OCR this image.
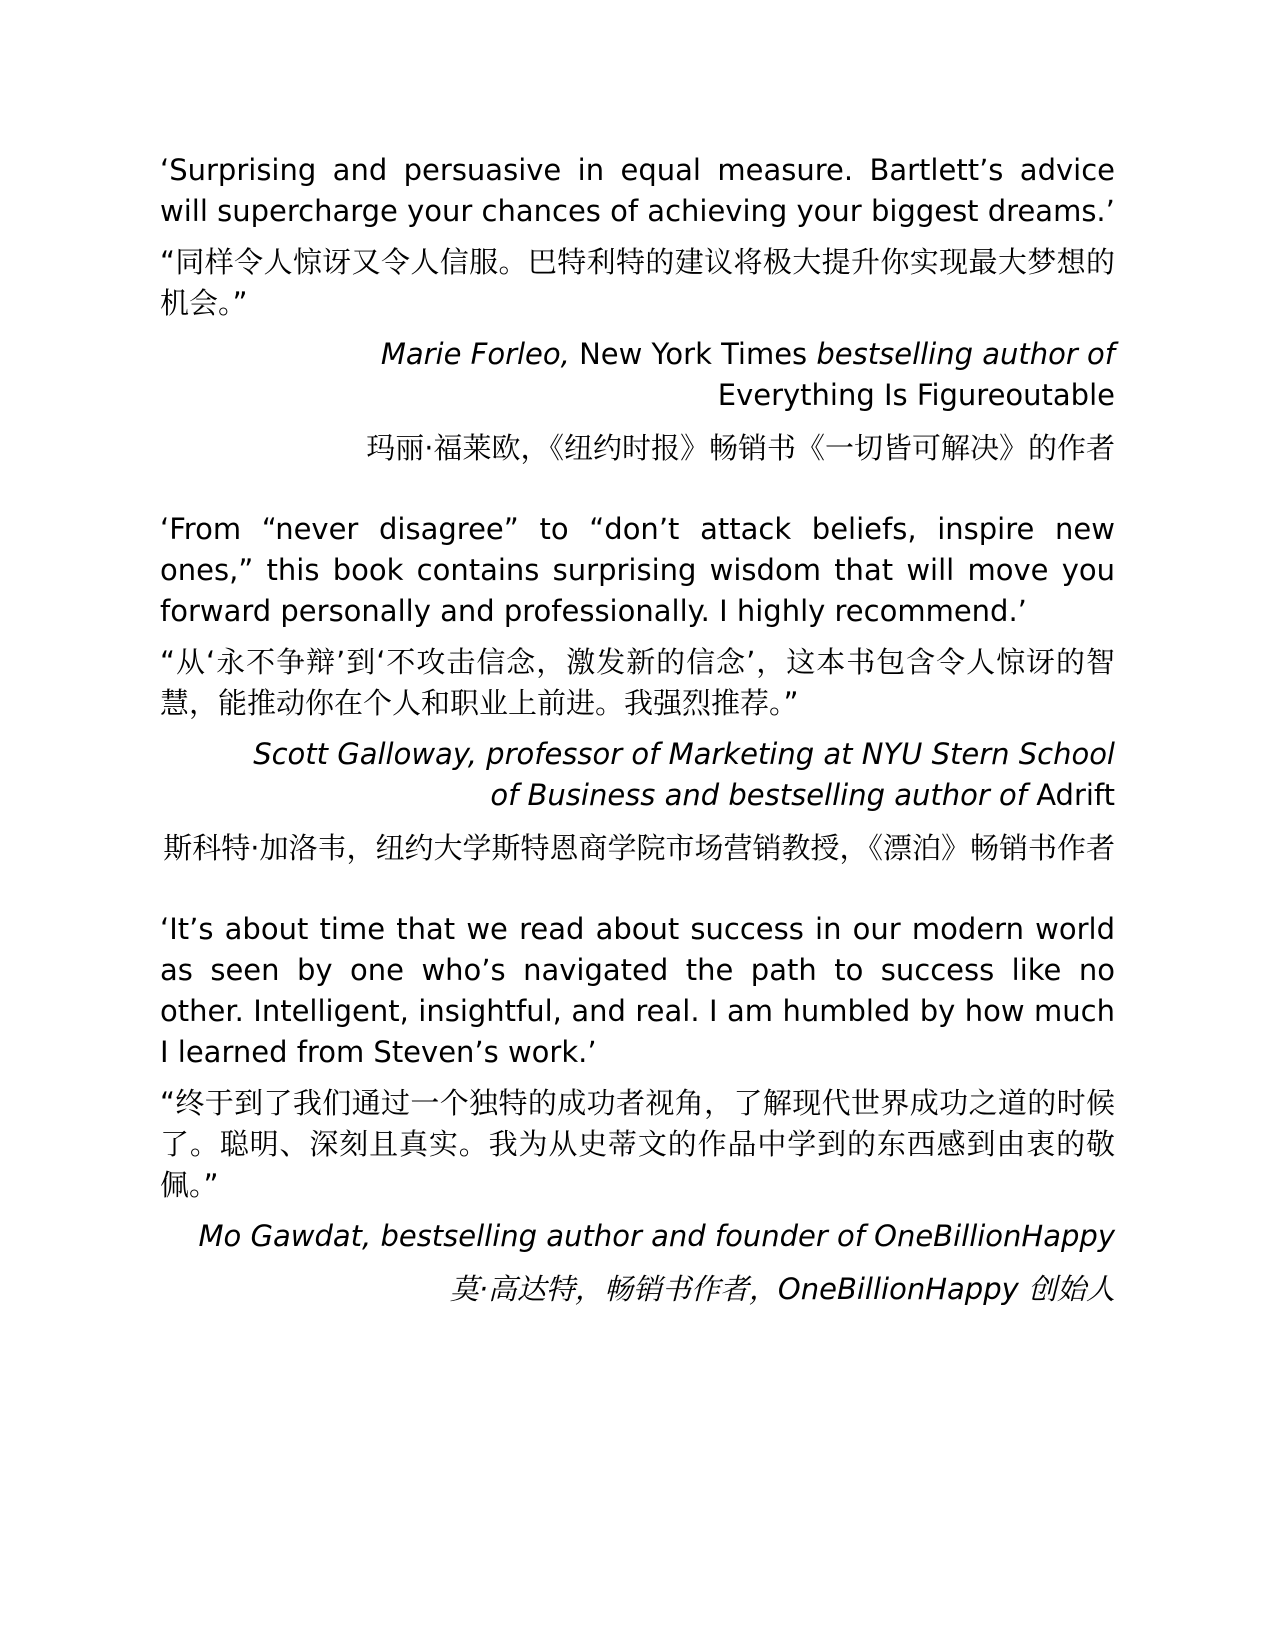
‘Surprising and persuasive in equal measure. Bartlett’s advice will supercharge your chances of achieving your biggest dreams.’

“同样令人惊讶又令人信服。巴特利特的建议将极大提升你实现最大梦想的机会。”

Marie Forleo, New York Times bestselling author of Everything Is Figureoutable

玛丽·福莱欧，《纽约时报》畅销书《一切皆可解决》的作者

‘From “never disagree” to “don’t attack beliefs, inspire new ones,” this book contains surprising wisdom that will move you forward personally and professionally. I highly recommend.’

“从‘永不争辩’到‘不攻击信念，激发新的信念’，这本书包含令人惊讶的智慧，能推动你在个人和职业上前进。我强烈推荐。”

Scott Galloway, professor of Marketing at NYU Stern School of Business and bestselling author of Adrift

斯科特·加洛韦，纽约大学斯特恩商学院市场营销教授，《漂泊》畅销书作者

‘It’s about time that we read about success in our modern world as seen by one who’s navigated the path to success like no other. Intelligent, insightful, and real. I am humbled by how much I learned from Steven’s work.’

“终于到了我们通过一个独特的成功者视角，了解现代世界成功之道的时候了。聪明、深刻且真实。我为从史蒂文的作品中学到的东西感到由衷的敬佩。”

Mo Gawdat, bestselling author and founder of OneBillionHappy

莫·高达特，畅销书作者，OneBillionHappy 创始人
